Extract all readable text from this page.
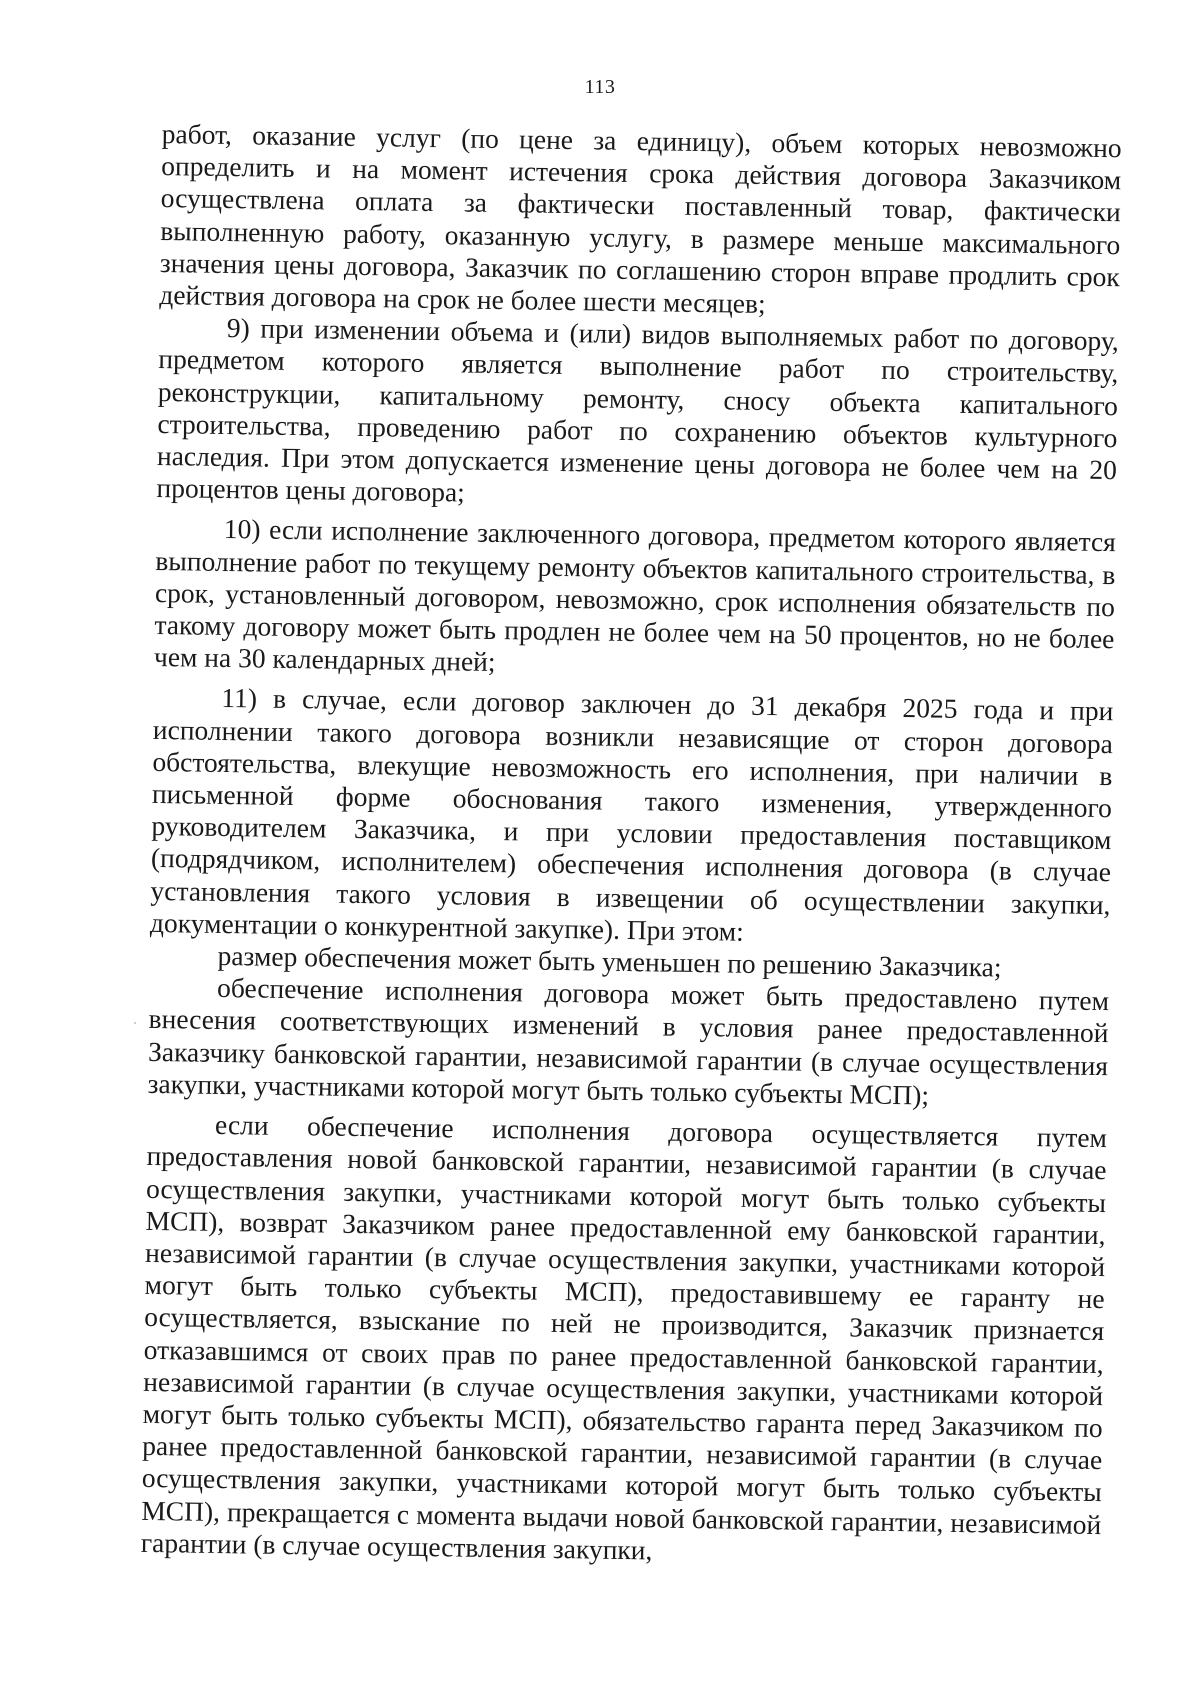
113

работ, оказание услуг (по цене за единицу), объем которых невозможно определить и на момент истечения срока действия договора Заказчиком осуществлена оплата за фактически поставленный товар, фактически выполненную работу, оказанную услугу, в размере меньше максимального значения цены договора, Заказчик по соглашению сторон вправе продлить срок действия договора на срок не более шести месяцев;

9) при изменении объема и (или) видов выполняемых работ по договору, предметом которого является выполнение работ по строительству, реконструкции, капитальному ремонту, сносу объекта капитального строительства, проведению работ по сохранению объектов культурного наследия. При этом допускается изменение цены договора не более чем на 20 процентов цены договора;

10) если исполнение заключенного договора, предметом которого является выполнение работ по текущему ремонту объектов капитального строительства, в срок, установленный договором, невозможно, срок исполнения обязательств по такому договору может быть продлен не более чем на 50 процентов, но не более чем на 30 календарных дней;

11) в случае, если договор заключен до 31 декабря 2025 года и при исполнении такого договора возникли независящие от сторон договора обстоятельства, влекущие невозможность его исполнения, при наличии в письменной форме обоснования такого изменения, утвержденного руководителем Заказчика, и при условии предоставления поставщиком (подрядчиком, исполнителем) обеспечения исполнения договора (в случае установления такого условия в извещении об осуществлении закупки, документации о конкурентной закупке). При этом:

размер обеспечения может быть уменьшен по решению Заказчика;

обеспечение исполнения договора может быть предоставлено путем внесения соответствующих изменений в условия ранее предоставленной Заказчику банковской гарантии, независимой гарантии (в случае осуществления закупки, участниками которой могут быть только субъекты МСП);

если обеспечение исполнения договора осуществляется путем предоставления новой банковской гарантии, независимой гарантии (в случае осуществления закупки, участниками которой могут быть только субъекты МСП), возврат Заказчиком ранее предоставленной ему банковской гарантии, независимой гарантии (в случае осуществления закупки, участниками которой могут быть только субъекты МСП), предоставившему ее гаранту не осуществляется, взыскание по ней не производится, Заказчик признается отказавшимся от своих прав по ранее предоставленной банковской гарантии, независимой гарантии (в случае осуществления закупки, участниками которой могут быть только субъекты МСП), обязательство гаранта перед Заказчиком по ранее предоставленной банковской гарантии, независимой гарантии (в случае осуществления закупки, участниками которой могут быть только субъекты МСП), прекращается с момента выдачи новой банковской гарантии, независимой гарантии (в случае осуществления закупки,
